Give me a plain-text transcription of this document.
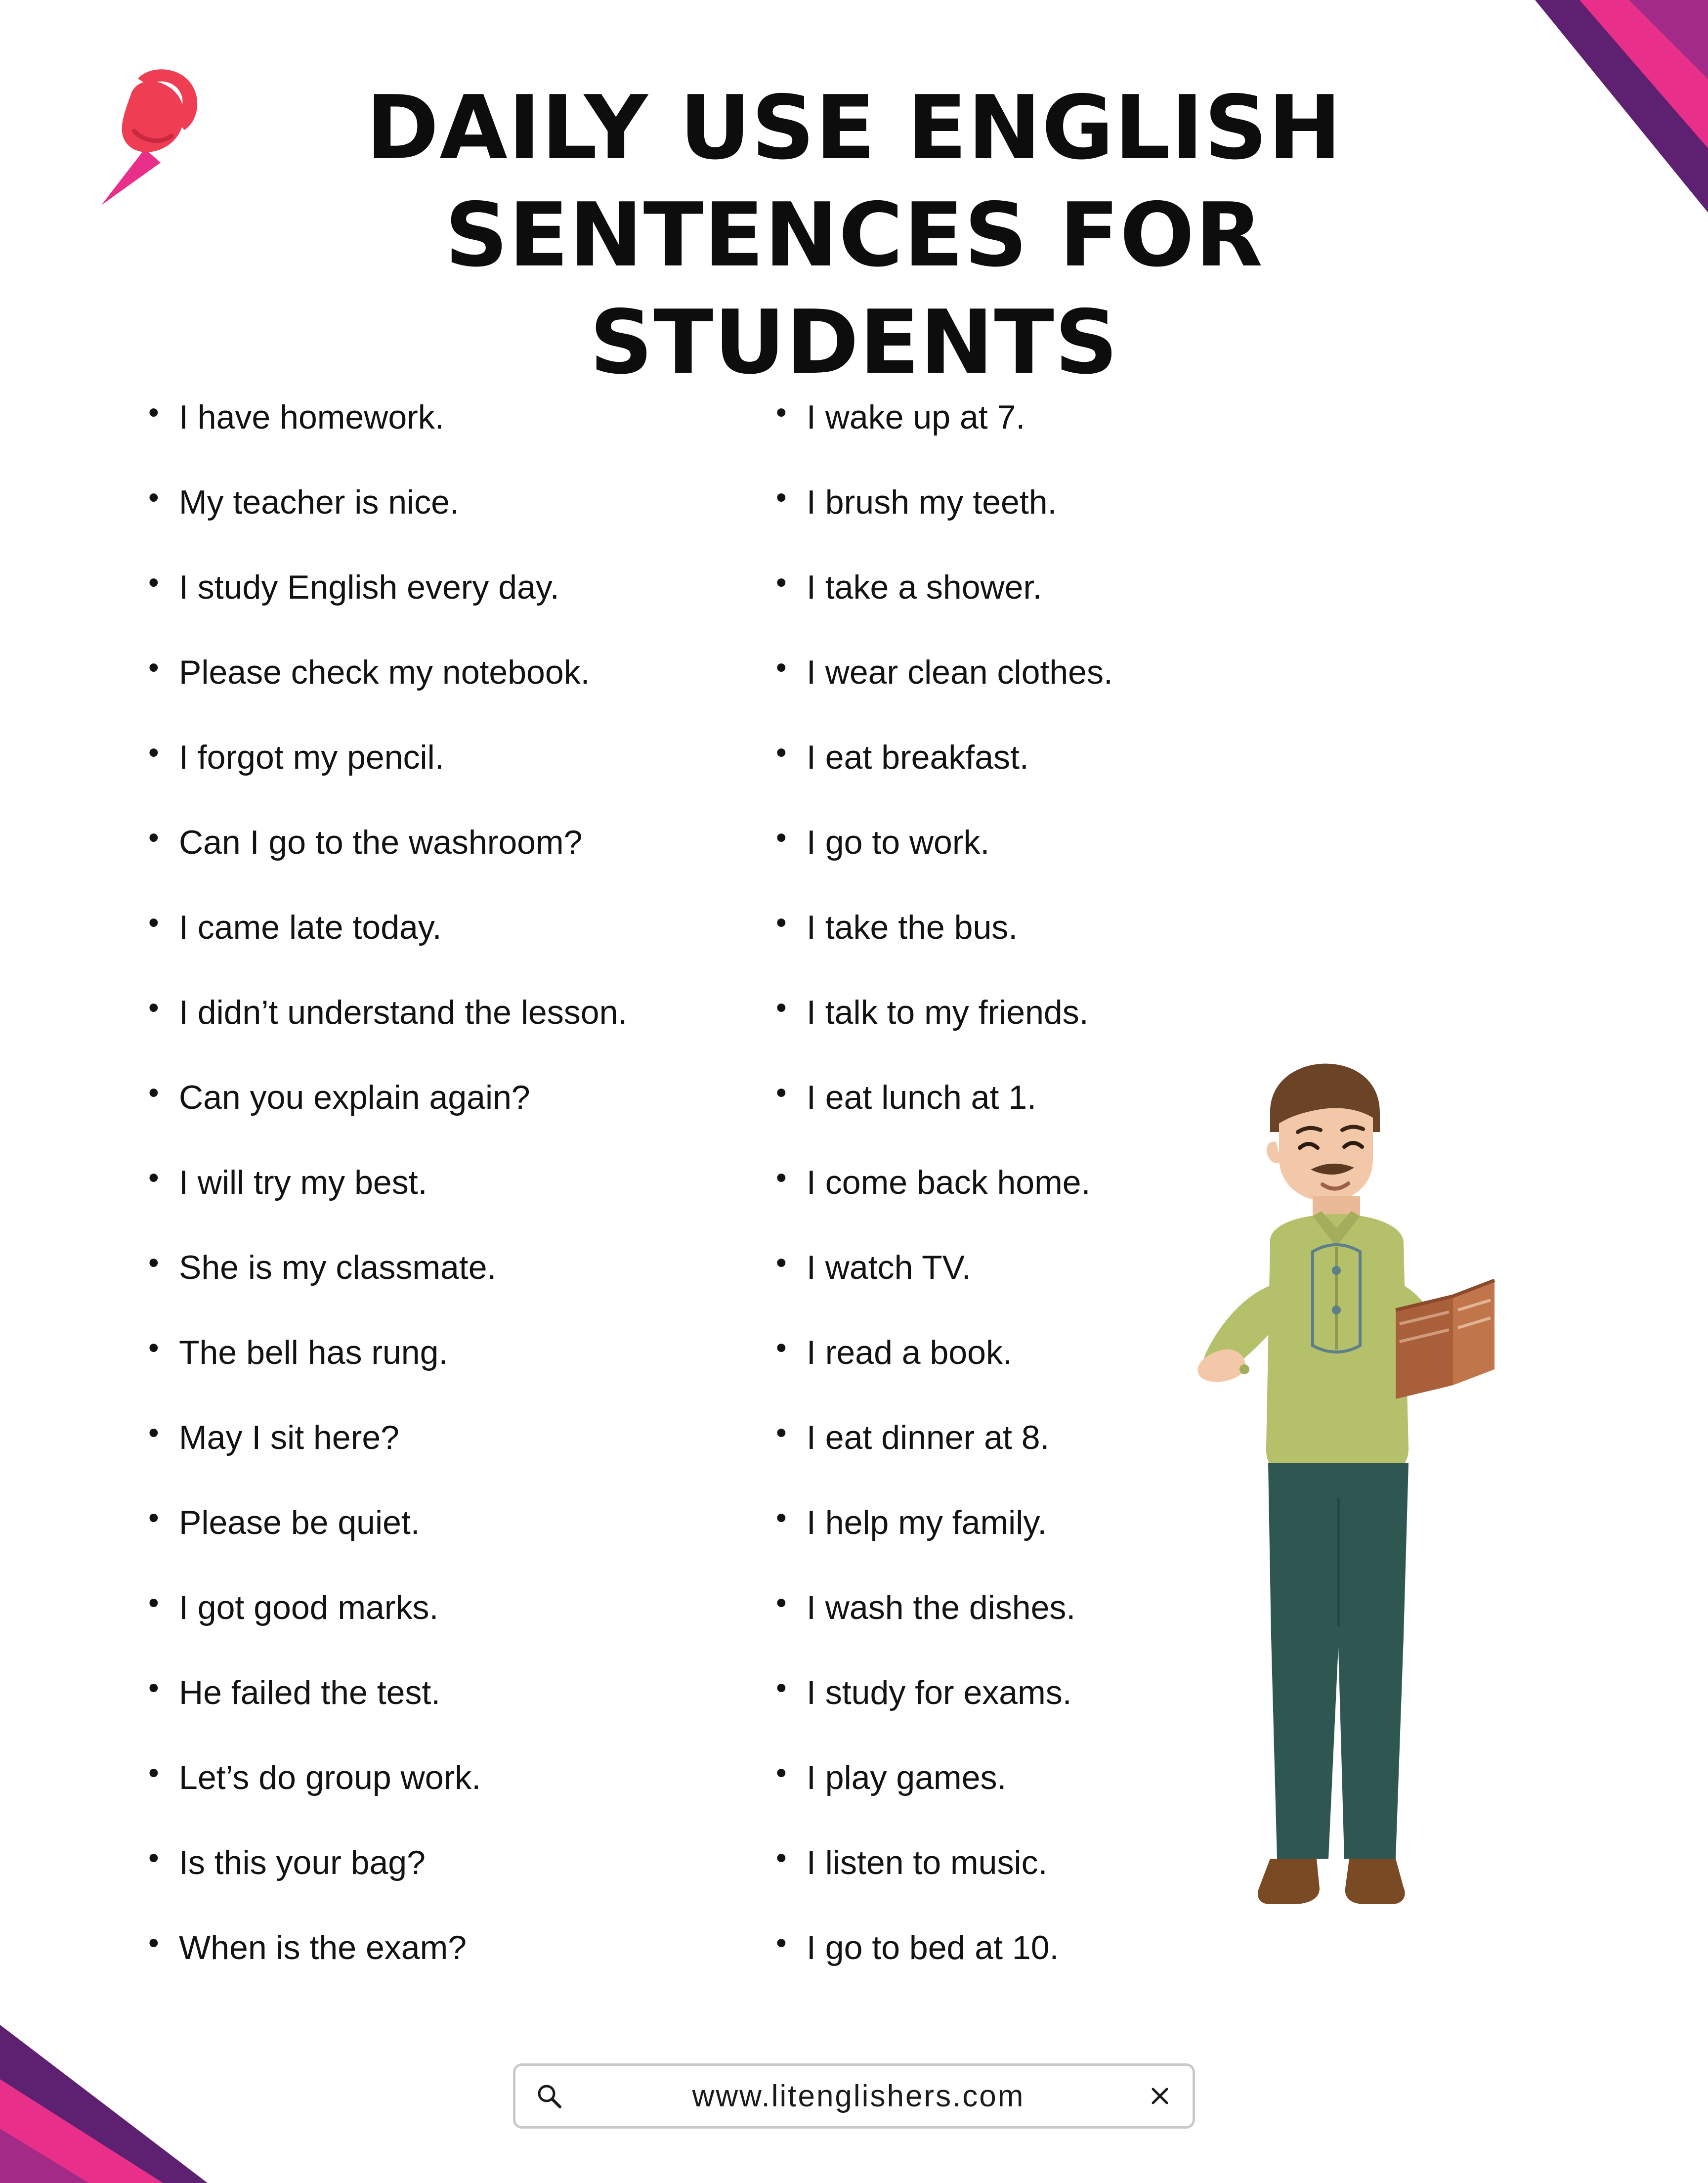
DAILY USE ENGLISH SENTENCES FOR STUDENTS
• I have homework.
• My teacher is nice.
• I study English every day.
• Please check my notebook.
• I forgot my pencil.
• Can I go to the washroom?
• I came late today.
• I didn’t understand the lesson.
• Can you explain again?
• I will try my best.
• She is my classmate.
• The bell has rung.
• May I sit here?
• Please be quiet.
• I got good marks.
• He failed the test.
• Let’s do group work.
• Is this your bag?
• When is the exam?
• I wake up at 7.
• I brush my teeth.
• I take a shower.
• I wear clean clothes.
• I eat breakfast.
• I go to work.
• I take the bus.
• I talk to my friends.
• I eat lunch at 1.
• I come back home.
• I watch TV.
• I read a book.
• I eat dinner at 8.
• I help my family.
• I wash the dishes.
• I study for exams.
• I play games.
• I listen to music.
• I go to bed at 10.
www.litenglishers.com
